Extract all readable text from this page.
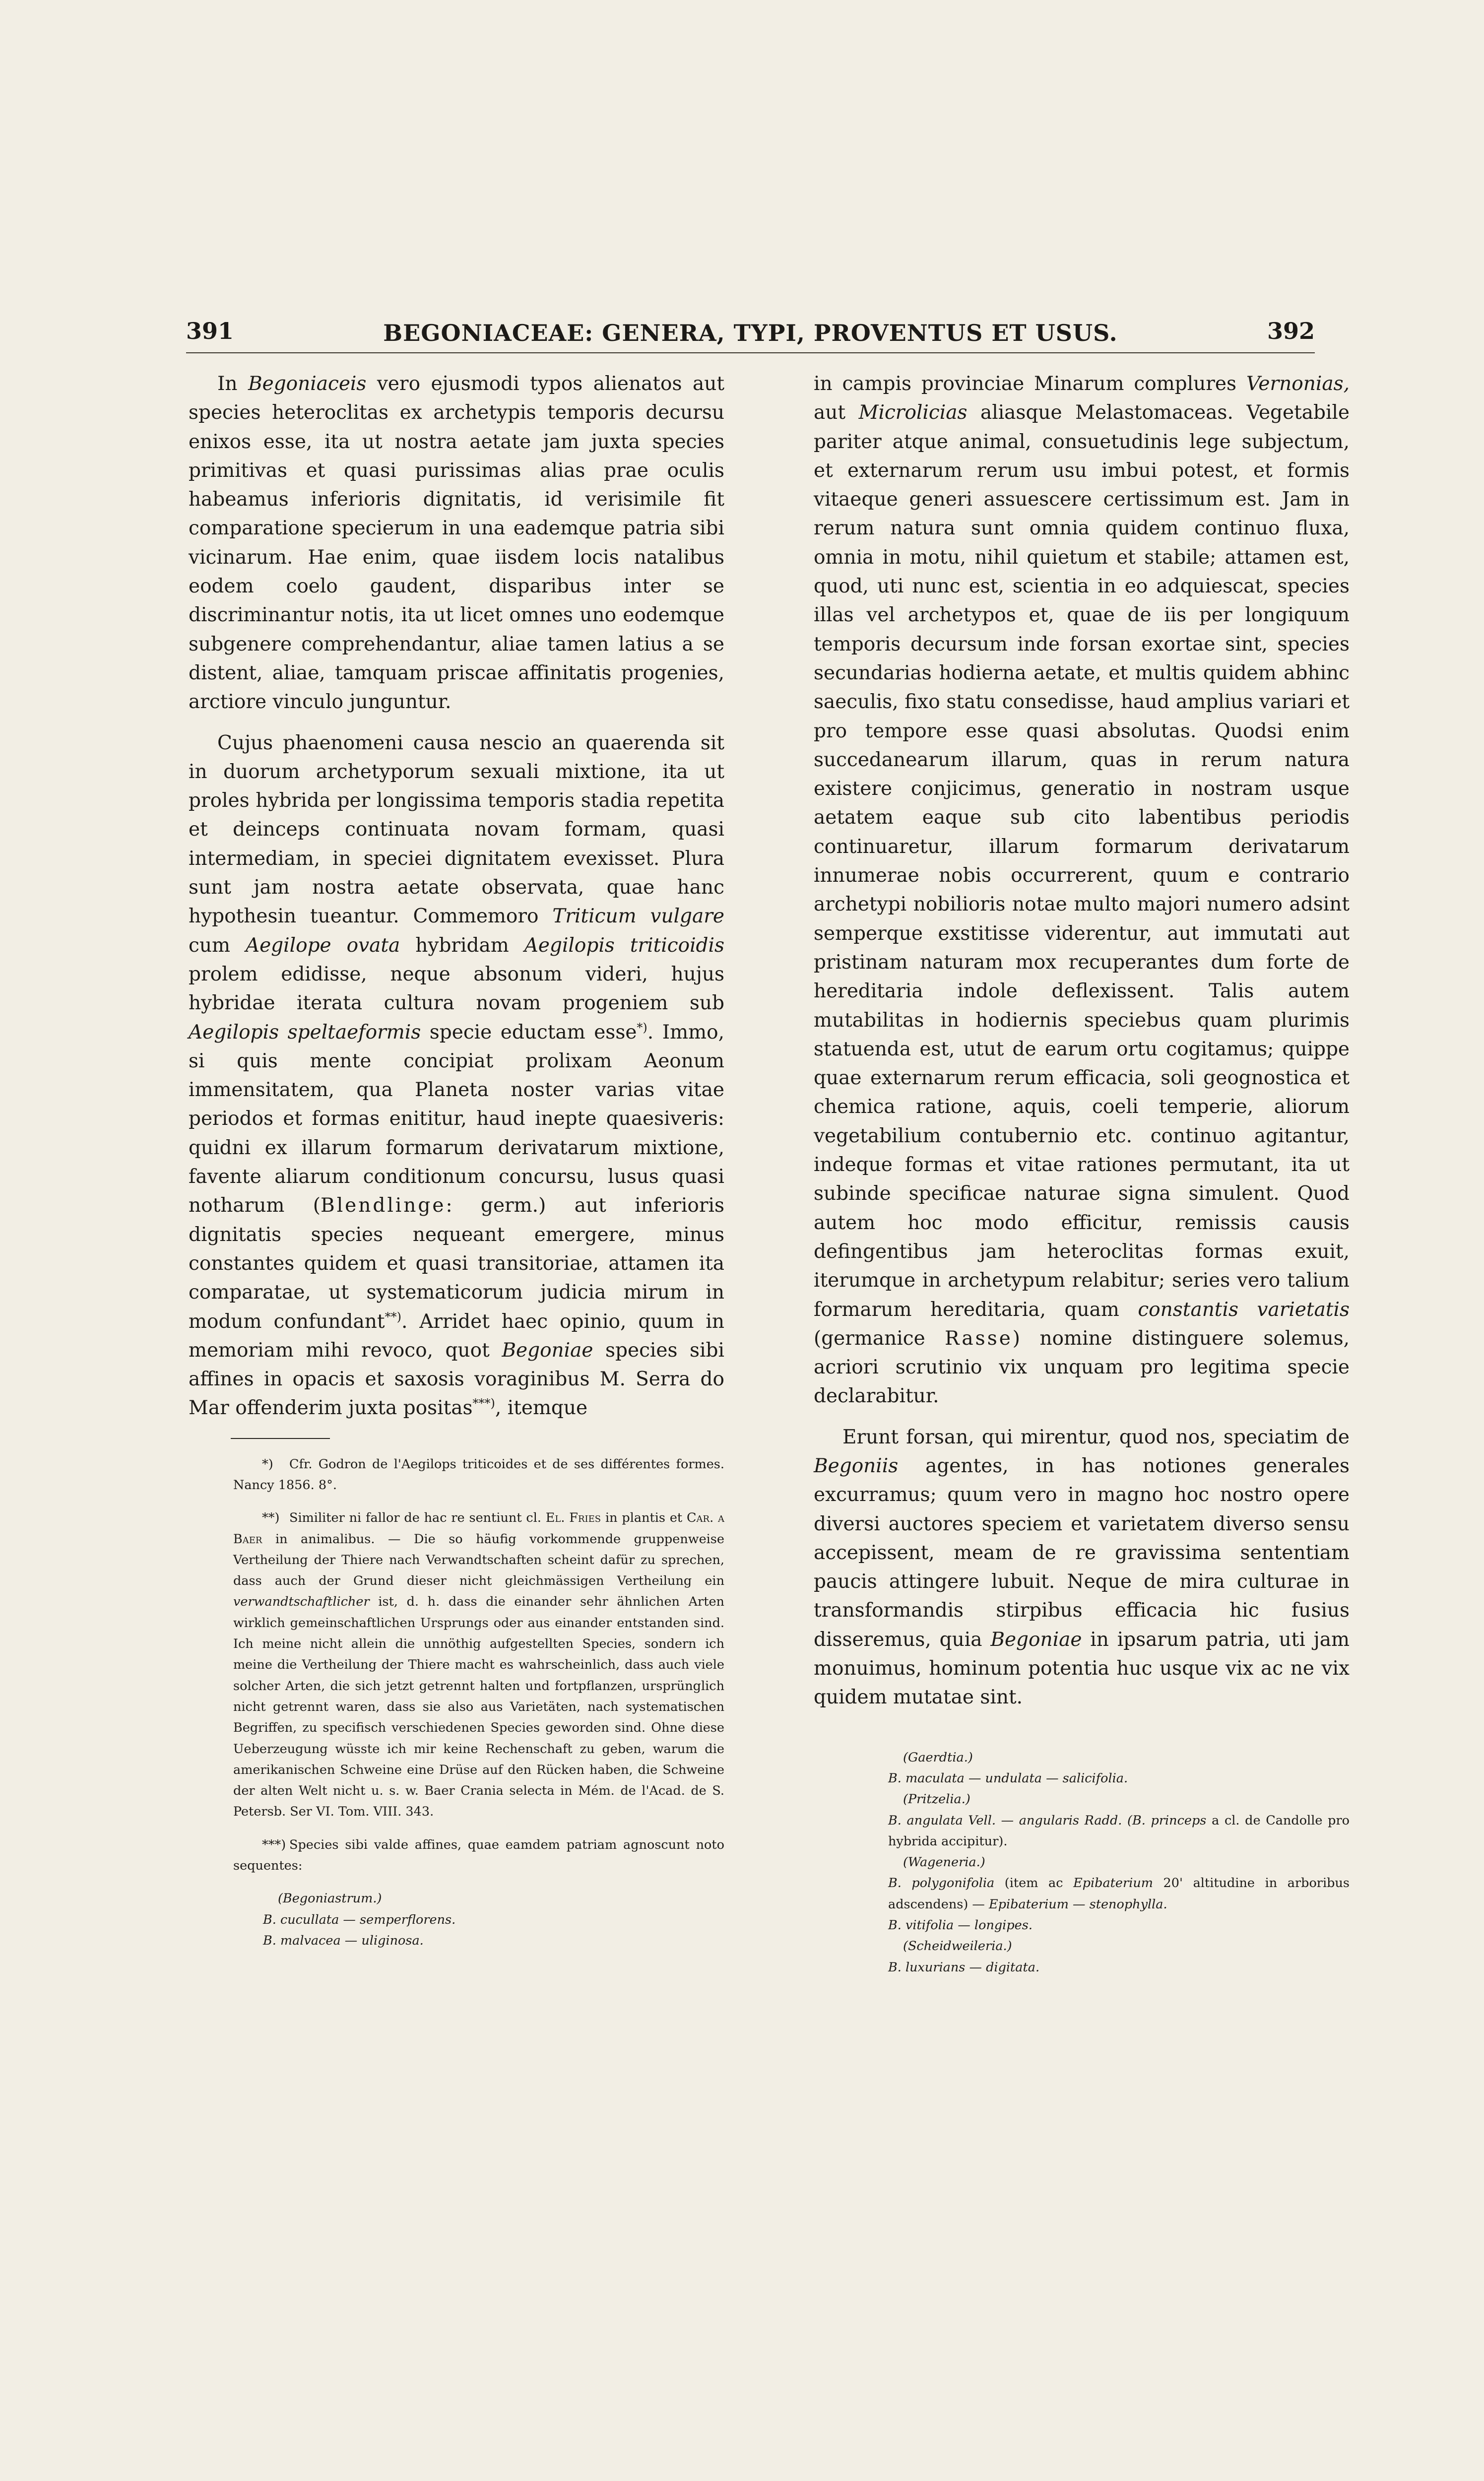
391	BEGONIACEAE: GENERA, TYPI, PROVENTUS ET USUS.	392

In Begoniaceis vero ejusmodi typos alienatos aut species heteroclitas ex archetypis temporis decursu enixos esse, ita ut nostra aetate jam juxta species primitivas et quasi purissimas alias prae oculis habeamus inferioris dignitatis, id verisimile fit comparatione specierum in una eademque patria sibi vicinarum. Hae enim, quae iisdem locis natalibus eodem coelo gaudent, disparibus inter se discriminantur notis, ita ut licet omnes uno eodemque subgenere comprehendantur, aliae tamen latius a se distent, aliae, tamquam priscae affinitatis progenies, arctiore vinculo junguntur.

Cujus phaenomeni causa nescio an quaerenda sit in duorum archetyporum sexuali mixtione, ita ut proles hybrida per longissima temporis stadia repetita et deinceps continuata novam formam, quasi intermediam, in speciei dignitatem evexisset. Plura sunt jam nostra aetate observata, quae hanc hypothesin tueantur. Commemoro Triticum vulgare cum Aegilope ovata hybridam Aegilopis triticoidis prolem edidisse, neque absonum videri, hujus hybridae iterata cultura novam progeniem sub Aegilopis speltaeformis specie eductam esse*). Immo, si quis mente concipiat prolixam Aeonum immensitatem, qua Planeta noster varias vitae periodos et formas enititur, haud inepte quaesiveris: quidni ex illarum formarum derivatarum mixtione, favente aliarum conditionum concursu, lusus quasi notharum (Blendlinge: germ.) aut inferioris dignitatis species nequeant emergere, minus constantes quidem et quasi transitoriae, attamen ita comparatae, ut systematicorum judicia mirum in modum confundant**). Arridet haec opinio, quum in memoriam mihi revoco, quot Begoniae species sibi affines in opacis et saxosis voraginibus M. Serra do Mar offenderim juxta positas***), itemque

*) Cfr. Godron de l'Aegilops triticoides et de ses différentes formes. Nancy 1856. 8°.

**) Similiter ni fallor de hac re sentiunt cl. El. Fries in plantis et Car. a Baer in animalibus. — Die so häufig vorkommende gruppenweise Vertheilung der Thiere nach Verwandtschaften scheint dafür zu sprechen, dass auch der Grund dieser nicht gleichmässigen Vertheilung ein verwandtschaftlicher ist, d. h. dass die einander sehr ähnlichen Arten wirklich gemeinschaftlichen Ursprungs oder aus einander entstanden sind. Ich meine nicht allein die unnöthig aufgestellten Species, sondern ich meine die Vertheilung der Thiere macht es wahrscheinlich, dass auch viele solcher Arten, die sich jetzt getrennt halten und fortpflanzen, ursprünglich nicht getrennt waren, dass sie also aus Varietäten, nach systematischen Begriffen, zu specifisch verschiedenen Species geworden sind. Ohne diese Ueberzeugung wüsste ich mir keine Rechenschaft zu geben, warum die amerikanischen Schweine eine Drüse auf den Rücken haben, die Schweine der alten Welt nicht u. s. w. Baer Crania selecta in Mém. de l'Acad. de S. Petersb. Ser VI. Tom. VIII. 343.

***) Species sibi valde affines, quae eamdem patriam agnoscunt noto sequentes:

(Begoniastrum.)
B. cucullata — semperflorens.
B. malvacea — uliginosa.

in campis provinciae Minarum complures Vernonias, aut Microlicias aliasque Melastomaceas. Vegetabile pariter atque animal, consuetudinis lege subjectum, et externarum rerum usu imbui potest, et formis vitaeque generi assuescere certissimum est. Jam in rerum natura sunt omnia quidem continuo fluxa, omnia in motu, nihil quietum et stabile; attamen est, quod, uti nunc est, scientia in eo adquiescat, species illas vel archetypos et, quae de iis per longiquum temporis decursum inde forsan exortae sint, species secundarias hodierna aetate, et multis quidem abhinc saeculis, fixo statu consedisse, haud amplius variari et pro tempore esse quasi absolutas. Quodsi enim succedanearum illarum, quas in rerum natura existere conjicimus, generatio in nostram usque aetatem eaque sub cito labentibus periodis continuaretur, illarum formarum derivatarum innumerae nobis occurrerent, quum e contrario archetypi nobilioris notae multo majori numero adsint semperque exstitisse viderentur, aut immutati aut pristinam naturam mox recuperantes dum forte de hereditaria indole deflexissent. Talis autem mutabilitas in hodiernis speciebus quam plurimis statuenda est, utut de earum ortu cogitamus; quippe quae externarum rerum efficacia, soli geognostica et chemica ratione, aquis, coeli temperie, aliorum vegetabilium contubernio etc. continuo agitantur, indeque formas et vitae rationes permutant, ita ut subinde specificae naturae signa simulent. Quod autem hoc modo efficitur, remissis causis defingentibus jam heteroclitas formas exuit, iterumque in archetypum relabitur; series vero talium formarum hereditaria, quam constantis varietatis (germanice Rasse) nomine distinguere solemus, acriori scrutinio vix unquam pro legitima specie declarabitur.

Erunt forsan, qui mirentur, quod nos, speciatim de Begoniis agentes, in has notiones generales excurramus; quum vero in magno hoc nostro opere diversi auctores speciem et varietatem diverso sensu accepissent, meam de re gravissima sententiam paucis attingere lubuit. Neque de mira culturae in transformandis stirpibus efficacia hic fusius disseremus, quia Begoniae in ipsarum patria, uti jam monuimus, hominum potentia huc usque vix ac ne vix quidem mutatae sint.

(Gaerdtia.)
B. maculata — undulata — salicifolia.
(Pritzelia.)
B. angulata Vell. — angularis Radd. (B. princeps a cl. de Candolle pro hybrida accipitur).
(Wageneria.)
B. polygonifolia (item ac Epibaterium 20' altitudine in arboribus adscendens) — Epibaterium — stenophylla.
B. vitifolia — longipes.
(Scheidweileria.)
B. luxurians — digitata.
